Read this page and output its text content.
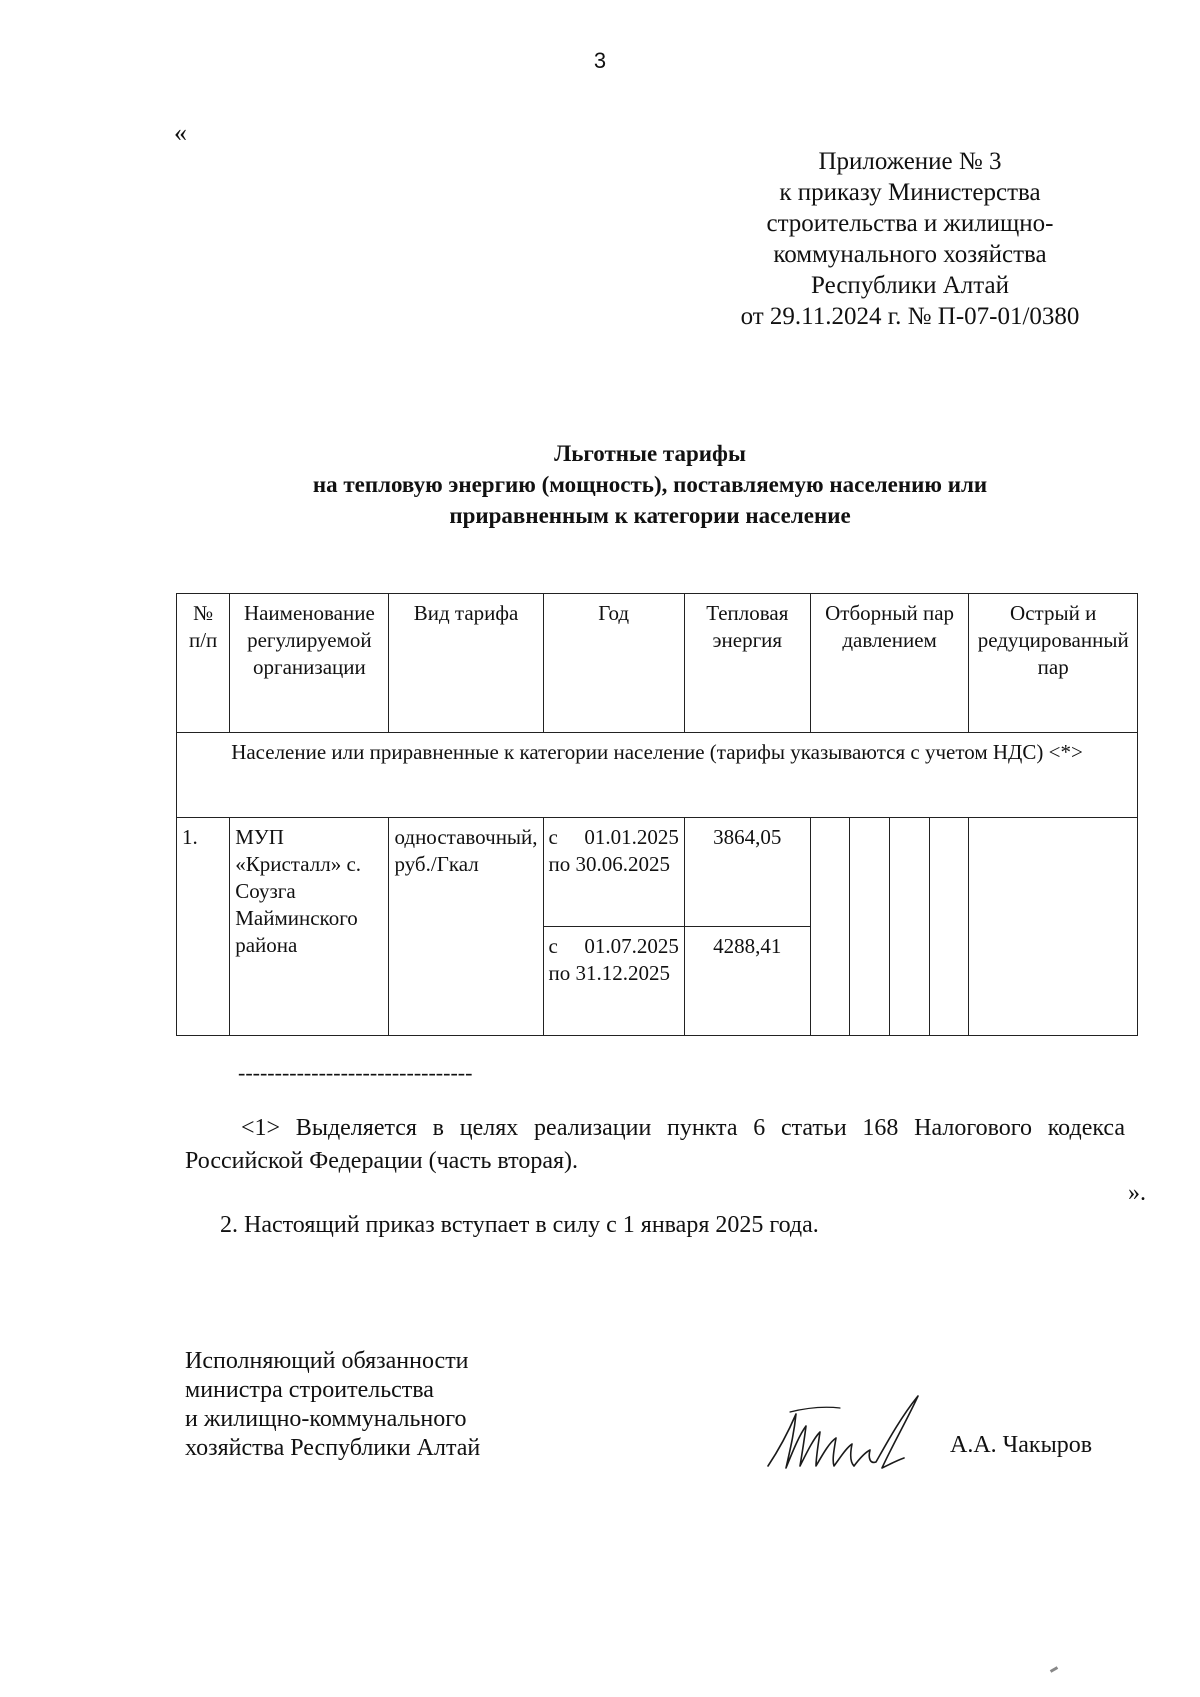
3
«
Приложение № 3
к приказу Министерства
строительства и жилищно-
коммунального хозяйства
Республики Алтай
от 29.11.2024 г. № П-07-01/0380
Льготные тарифы
на тепловую энергию (мощность), поставляемую населению или
приравненным к категории население
№ п/п	Наименование регулируемой организации	Вид тарифа	Год	Тепловая энергия	Отборный пар давлением	Острый и редуцированный пар
Население или приравненные к категории население (тарифы указываются с учетом НДС) <*>						
1.	МУП «Кристалл» с. Соузга Майминского района	одноставочный, руб./Гкал	с 01.01.2025 по 30.06.2025	3864,05	

			с 01.07.2025 по 31.12.2025	4288,41		
--------------------------------
<1> Выделяется в целях реализации пункта 6 статьи 168 Налогового кодекса Российской Федерации (часть вторая).
».
2. Настоящий приказ вступает в силу с 1 января 2025 года.
Исполняющий обязанности
министра строительства
и жилищно-коммунального
хозяйства Республики Алтай	А.А. Чакыров
